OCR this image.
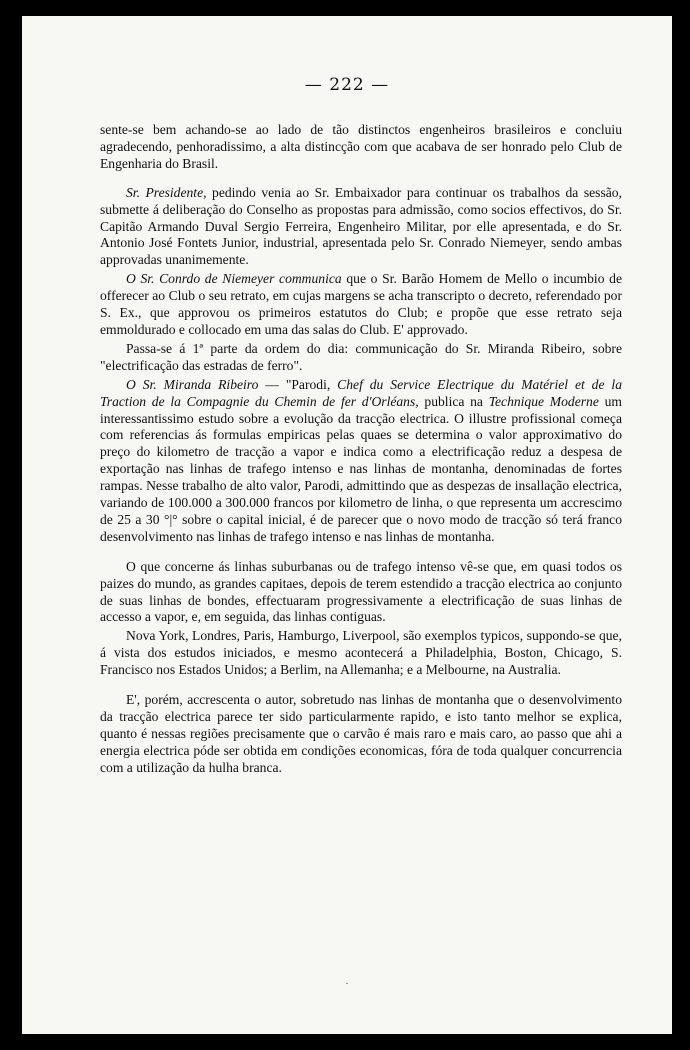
— 222 —

sente-se bem achando-se ao lado de tão distinctos engenheiros brasileiros e concluiu agradecendo, penhoradissimo, a alta distincção com que acabava de ser honrado pelo Club de Engenharia do Brasil.

Sr. Presidente, pedindo venia ao Sr. Embaixador para continuar os trabalhos da sessão, submette á deliberação do Conselho as propostas para admissão, como socios effectivos, do Sr. Capitão Armando Duval Sergio Ferreira, Engenheiro Militar, por elle apresentada, e do Sr. Antonio José Fontets Junior, industrial, apresentada pelo Sr. Conrado Niemeyer, sendo ambas approvadas unanimemente.

O Sr. Conrdo de Niemeyer communica que o Sr. Barão Homem de Mello o incumbio de offerecer ao Club o seu retrato, em cujas margens se acha transcripto o decreto, referendado por S. Ex., que approvou os primeiros estatutos do Club; e propõe que esse retrato seja emmoldurado e collocado em uma das salas do Club. E' approvado.

Passa-se á 1ª parte da ordem do dia: communicação do Sr. Miranda Ribeiro, sobre "electrificação das estradas de ferro".

O Sr. Miranda Ribeiro — "Parodi, Chef du Service Electrique du Matériel et de la Traction de la Compagnie du Chemin de fer d'Orléans, publica na Technique Moderne um interessantissimo estudo sobre a evolução da tracção electrica. O illustre profissional começa com referencias ás formulas empiricas pelas quaes se determina o valor approximativo do preço do kilometro de tracção a vapor e indica como a electrificação reduz a despesa de exportação nas linhas de trafego intenso e nas linhas de montanha, denominadas de fortes rampas. Nesse trabalho de alto valor, Parodi, admittindo que as despezas de insallação electrica, variando de 100.000 a 300.000 francos por kilometro de linha, o que representa um accrescimo de 25 a 30 °|° sobre o capital inicial, é de parecer que o novo modo de tracção só terá franco desenvolvimento nas linhas de trafego intenso e nas linhas de montanha.

O que concerne ás linhas suburbanas ou de trafego intenso vê-se que, em quasi todos os paizes do mundo, as grandes capitaes, depois de terem estendido a tracção electrica ao conjunto de suas linhas de bondes, effectuaram progressivamente a electrificação de suas linhas de accesso a vapor, e, em seguida, das linhas contiguas.

Nova York, Londres, Paris, Hamburgo, Liverpool, são exemplos typicos, suppondo-se que, á vista dos estudos iniciados, e mesmo acontecerá a Philadelphia, Boston, Chicago, S. Francisco nos Estados Unidos; a Berlim, na Allemanha; e a Melbourne, na Australia.

E', porém, accrescenta o autor, sobretudo nas linhas de montanha que o desenvolvimento da tracção electrica parece ter sido particularmente rapido, e isto tanto melhor se explica, quanto é nessas regiões precisamente que o carvão é mais raro e mais caro, ao passo que ahi a energia electrica póde ser obtida em condições economicas, fóra de toda qualquer concurrencia com a utilização da hulha branca.

.
